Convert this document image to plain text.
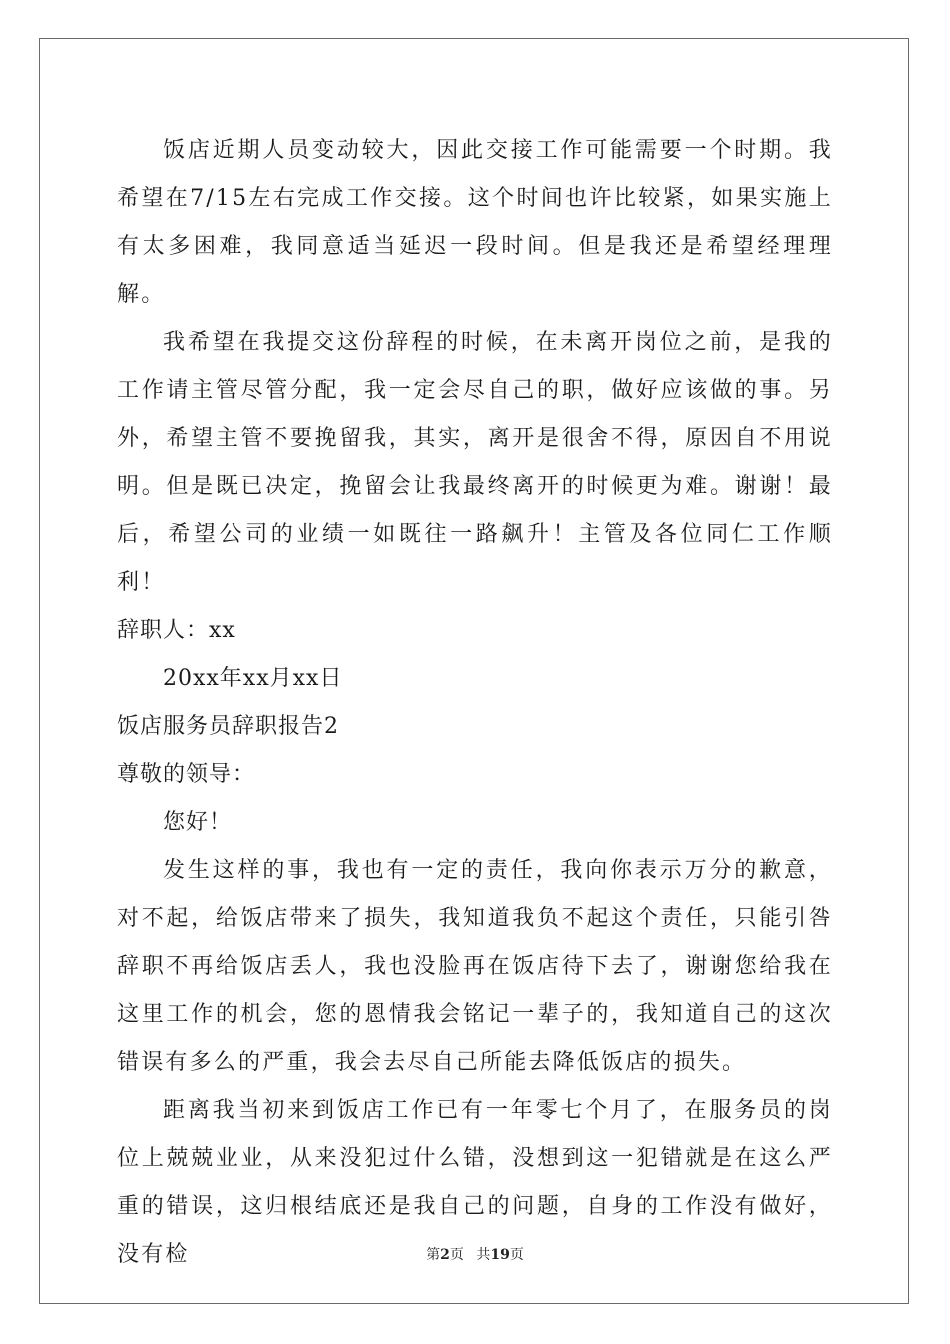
饭店近期人员变动较大，因此交接工作可能需要一个时期。我希望在7/15左右完成工作交接。这个时间也许比较紧，如果实施上有太多困难，我同意适当延迟一段时间。但是我还是希望经理理解。

我希望在我提交这份辞程的时候，在未离开岗位之前，是我的工作请主管尽管分配，我一定会尽自己的职，做好应该做的事。另外，希望主管不要挽留我，其实，离开是很舍不得，原因自不用说明。但是既已决定，挽留会让我最终离开的时候更为难。谢谢！最后，希望公司的业绩一如既往一路飙升！主管及各位同仁工作顺利！

辞职人：xx

20xx年xx月xx日

饭店服务员辞职报告2

尊敬的领导：

您好！

发生这样的事，我也有一定的责任，我向你表示万分的歉意，对不起，给饭店带来了损失，我知道我负不起这个责任，只能引咎辞职不再给饭店丢人，我也没脸再在饭店待下去了，谢谢您给我在这里工作的机会，您的恩情我会铭记一辈子的，我知道自己的这次错误有多么的严重，我会去尽自己所能去降低饭店的损失。

距离我当初来到饭店工作已有一年零七个月了，在服务员的岗位上兢兢业业，从来没犯过什么错，没想到这一犯错就是在这么严重的错误，这归根结底还是我自己的问题，自身的工作没有做好，没有检	第2页 共19页
